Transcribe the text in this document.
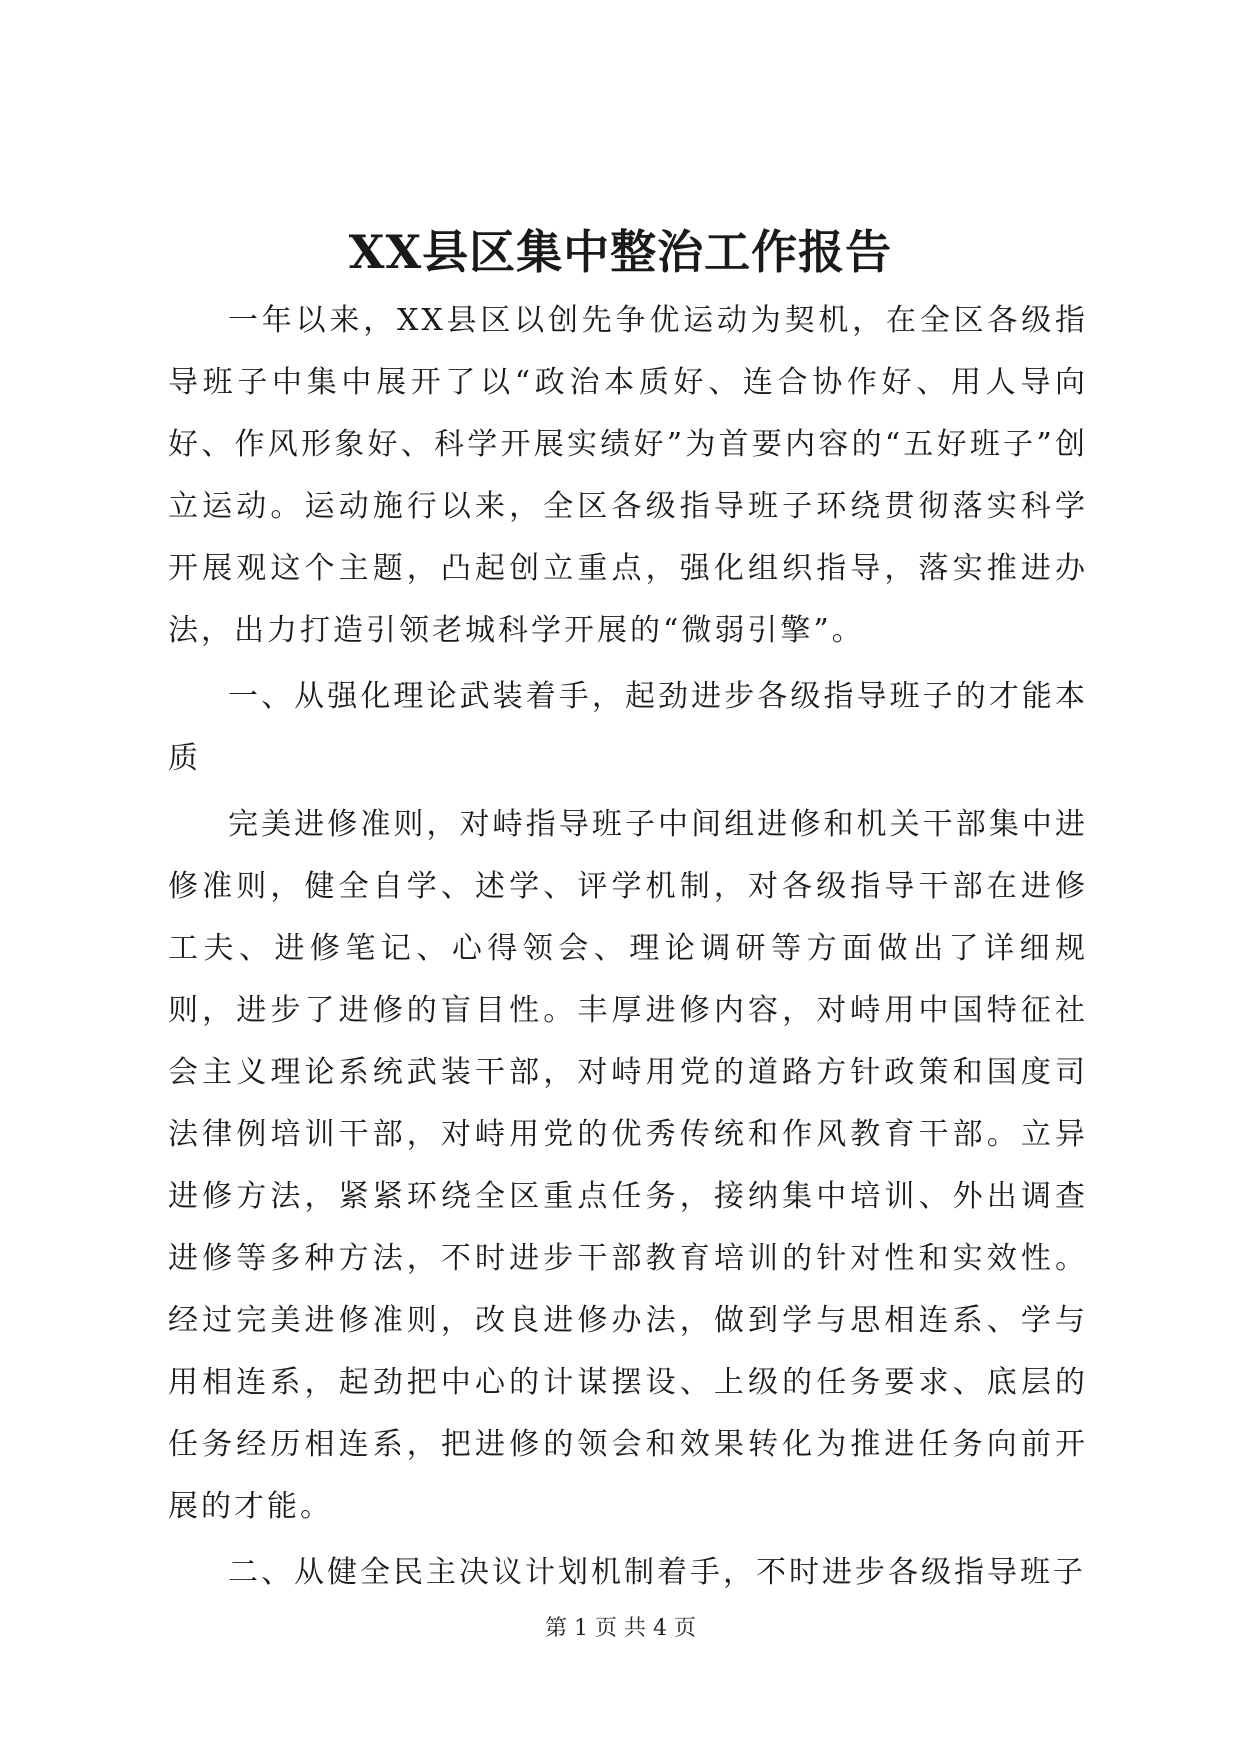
XX县区集中整治工作报告

一年以来，XX县区以创先争优运动为契机，在全区各级指导班子中集中展开了以“政治本质好、连合协作好、用人导向好、作风形象好、科学开展实绩好”为首要内容的“五好班子”创立运动。运动施行以来，全区各级指导班子环绕贯彻落实科学开展观这个主题，凸起创立重点，强化组织指导，落实推进办法，出力打造引领老城科学开展的“微弱引擎”。

一、从强化理论武装着手，起劲进步各级指导班子的才能本质

完美进修准则，对峙指导班子中间组进修和机关干部集中进修准则，健全自学、述学、评学机制，对各级指导干部在进修工夫、进修笔记、心得领会、理论调研等方面做出了详细规则，进步了进修的盲目性。丰厚进修内容，对峙用中国特征社会主义理论系统武装干部，对峙用党的道路方针政策和国度司法律例培训干部，对峙用党的优秀传统和作风教育干部。立异进修方法，紧紧环绕全区重点任务，接纳集中培训、外出调查进修等多种方法，不时进步干部教育培训的针对性和实效性。经过完美进修准则，改良进修办法，做到学与思相连系、学与用相连系，起劲把中心的计谋摆设、上级的任务要求、底层的任务经历相连系，把进修的领会和效果转化为推进任务向前开展的才能。

二、从健全民主决议计划机制着手，不时进步各级指导班子

第 1 页 共 4 页
